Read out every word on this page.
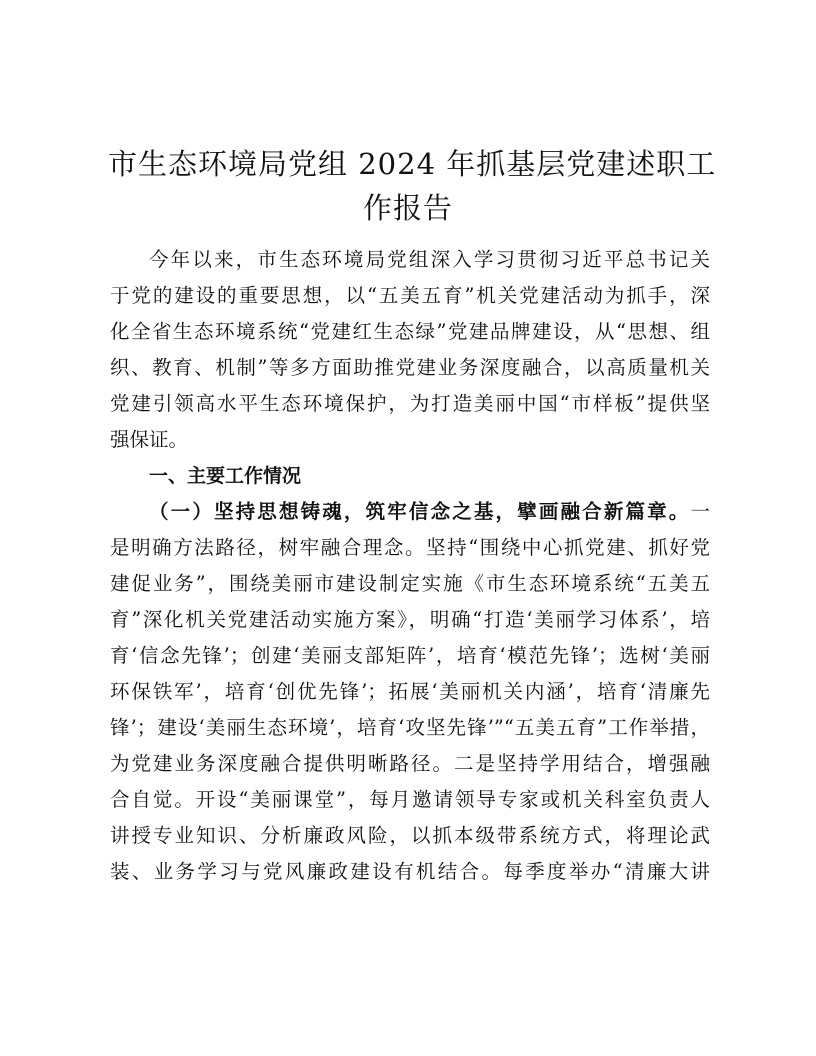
市生态环境局党组 2024 年抓基层党建述职工
作报告
今年以来，市生态环境局党组深入学习贯彻习近平总书记关
于党的建设的重要思想，以“五美五育”机关党建活动为抓手，深
化全省生态环境系统“党建红生态绿”党建品牌建设，从“思想、组
织、教育、机制”等多方面助推党建业务深度融合，以高质量机关
党建引领高水平生态环境保护，为打造美丽中国“市样板”提供坚
强保证。
一、主要工作情况
（一）坚持思想铸魂，筑牢信念之基，擘画融合新篇章。一
是明确方法路径，树牢融合理念。坚持“围绕中心抓党建、抓好党
建促业务”，围绕美丽市建设制定实施《市生态环境系统“五美五
育”深化机关党建活动实施方案》，明确“打造‘美丽学习体系’，培
育‘信念先锋’；创建‘美丽支部矩阵’，培育‘模范先锋’；选树‘美丽
环保铁军’，培育‘创优先锋’；拓展‘美丽机关内涵’，培育‘清廉先
锋’；建设‘美丽生态环境’，培育‘攻坚先锋’”“五美五育”工作举措，
为党建业务深度融合提供明晰路径。二是坚持学用结合，增强融
合自觉。开设“美丽课堂”，每月邀请领导专家或机关科室负责人
讲授专业知识、分析廉政风险，以抓本级带系统方式，将理论武
装、业务学习与党风廉政建设有机结合。每季度举办“清廉大讲
